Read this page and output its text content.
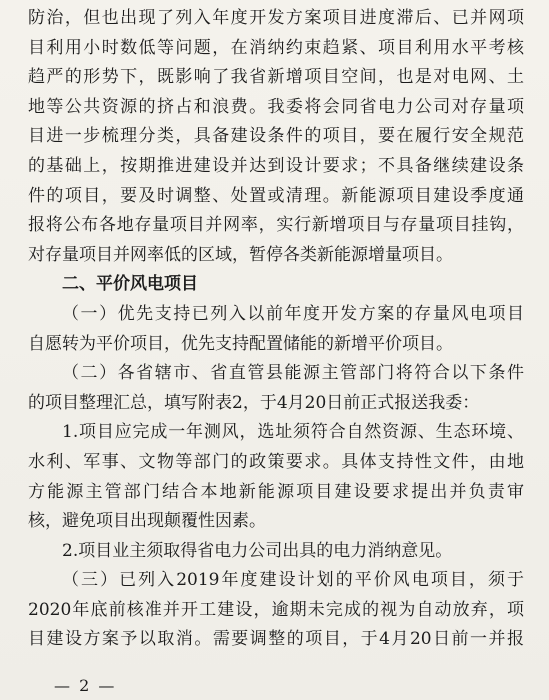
防治，但也出现了列入年度开发方案项目进度滞后、已并网项
目利用小时数低等问题，在消纳约束趋紧、项目利用水平考核
趋严的形势下，既影响了我省新增项目空间，也是对电网、土
地等公共资源的挤占和浪费。我委将会同省电力公司对存量项
目进一步梳理分类，具备建设条件的项目，要在履行安全规范
的基础上，按期推进建设并达到设计要求；不具备继续建设条
件的项目，要及时调整、处置或清理。新能源项目建设季度通
报将公布各地存量项目并网率，实行新增项目与存量项目挂钩，
对存量项目并网率低的区域，暂停各类新能源增量项目。
二、平价风电项目
（一）优先支持已列入以前年度开发方案的存量风电项目
自愿转为平价项目，优先支持配置储能的新增平价项目。
（二）各省辖市、省直管县能源主管部门将符合以下条件
的项目整理汇总，填写附表2，于4月20日前正式报送我委：
1.项目应完成一年测风，选址须符合自然资源、生态环境、
水利、军事、文物等部门的政策要求。具体支持性文件，由地
方能源主管部门结合本地新能源项目建设要求提出并负责审
核，避免项目出现颠覆性因素。
2.项目业主须取得省电力公司出具的电力消纳意见。
（三）已列入2019年度建设计划的平价风电项目，须于
2020年底前核准并开工建设，逾期未完成的视为自动放弃，项
目建设方案予以取消。需要调整的项目，于4月20日前一并报
— 2 —
